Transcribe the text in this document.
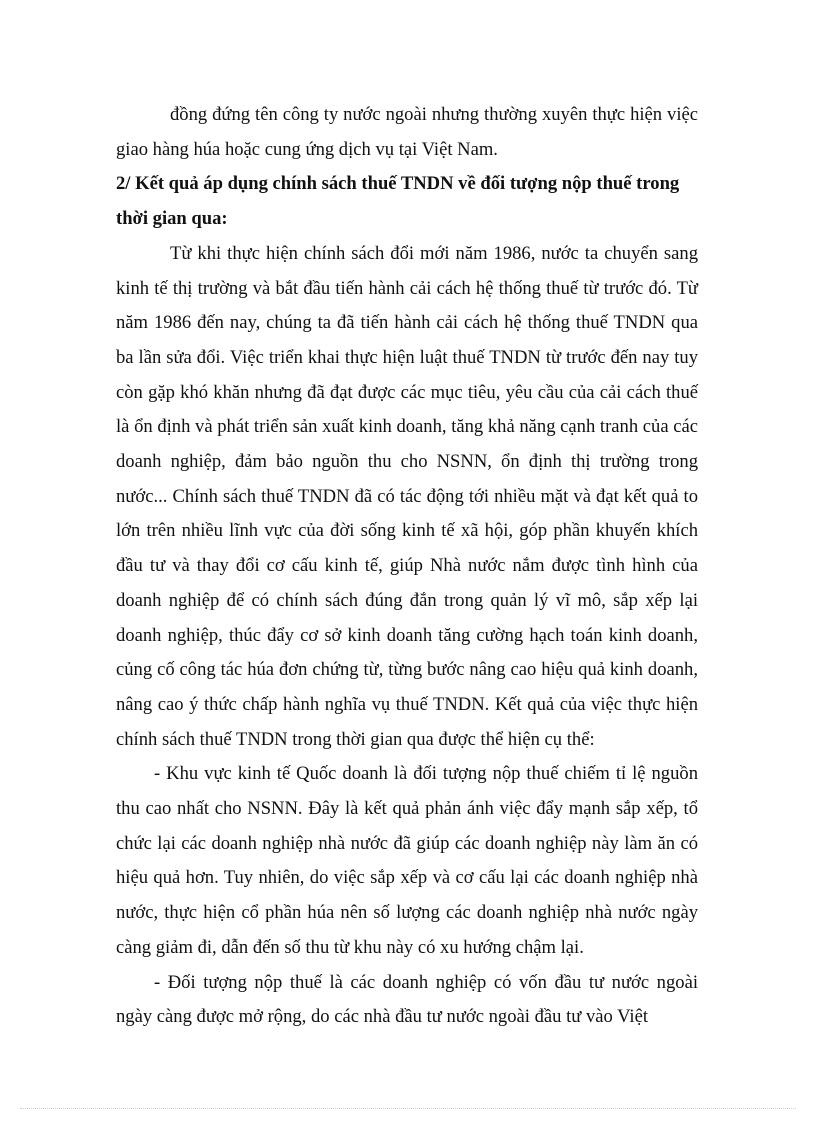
đồng đứng tên công ty nước ngoài nhưng thường xuyên thực hiện việc giao hàng húa hoặc cung ứng dịch vụ tại Việt Nam.

2/ Kết quả áp dụng chính sách thuế TNDN về đối tượng nộp thuế trong thời gian qua:

Từ khi thực hiện chính sách đổi mới năm 1986, nước ta chuyển sang kinh tế thị trường và bắt đầu tiến hành cải cách hệ thống thuế từ trước đó. Từ năm 1986 đến nay, chúng ta đã tiến hành cải cách hệ thống thuế TNDN qua ba lần sửa đổi. Việc triển khai thực hiện luật thuế TNDN từ trước đến nay tuy còn gặp khó khăn nhưng đã đạt được các mục tiêu, yêu cầu của cải cách thuế là ổn định và phát triển sản xuất kinh doanh, tăng khả năng cạnh tranh của các doanh nghiệp, đảm bảo nguồn thu cho NSNN, ổn định thị trường trong nước... Chính sách thuế TNDN đã có tác động tới nhiều mặt và đạt kết quả to lớn trên nhiều lĩnh vực của đời sống kinh tế xã hội, góp phần khuyến khích đầu tư và thay đổi cơ cấu kinh tế, giúp Nhà nước nắm được tình hình của doanh nghiệp để có chính sách đúng đắn trong quản lý vĩ mô, sắp xếp lại doanh nghiệp, thúc đẩy cơ sở kinh doanh tăng cường hạch toán kinh doanh, củng cố công tác húa đơn chứng từ, từng bước nâng cao hiệu quả kinh doanh, nâng cao ý thức chấp hành nghĩa vụ thuế TNDN. Kết quả của việc thực hiện chính sách thuế TNDN trong thời gian qua được thể hiện cụ thể:

- Khu vực kinh tế Quốc doanh là đối tượng nộp thuế chiếm tỉ lệ nguồn thu cao nhất cho NSNN. Đây là kết quả phản ánh việc đẩy mạnh sắp xếp, tổ chức lại các doanh nghiệp nhà nước đã giúp các doanh nghiệp này làm ăn có hiệu quả hơn. Tuy nhiên, do việc sắp xếp và cơ cấu lại các doanh nghiệp nhà nước, thực hiện cổ phần húa nên số lượng các doanh nghiệp nhà nước ngày càng giảm đi, dẫn đến số thu từ khu này có xu hướng chậm lại.

- Đối tượng nộp thuế là các doanh nghiệp có vốn đầu tư nước ngoài ngày càng được mở rộng, do các nhà đầu tư nước ngoài đầu tư vào Việt
